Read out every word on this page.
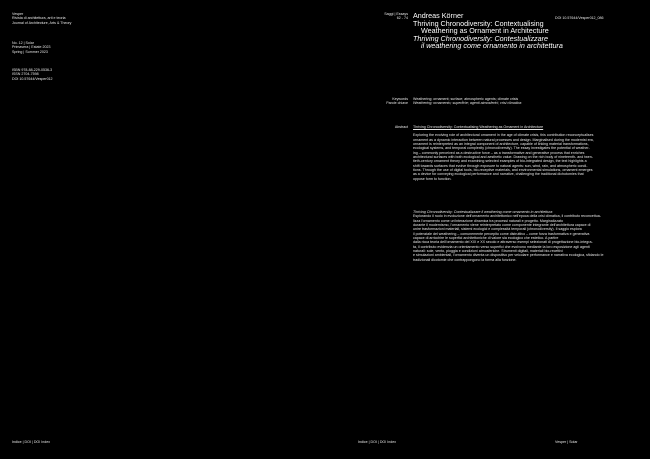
Vesper
Rivista di architettura, arti e teoria
Journal of Architecture, Arts & Theory
No. 12 | Solar
Primavera | Estate 2023
Spring | Summer 2023
ISBN 978-88-229-0536-3
ISSN 2704-7598
DOI 10.57644/Vesper012
Saggi | Essays
62 - 74 Andreas Körner
Thriving Chronodiversity: Contextualising
Weathering as Ornament in Architecture
Thriving Chronodiversity: Contestualizzare
il weathering come ornamento in architettura
DOI 10.57644/Vesper012_086
Keywords
Parole chiave
Weathering; ornament; surface; atmospheric agents; climate crisis
Weathering; ornamento; superficie; agenti atmosferici; crisi climatica
Abstract Thriving Chronodiversity: Contextualising Weathering as Ornament in Architecture
Exploring the evolving role of architectural ornament in the age of climate crisis, this contribution reconceptualises
ornament as a dynamic interaction between natural processes and design. Marginalised during the modernist era,
ornament is reinterpreted as an integral component of architecture, capable of linking material transformations,
ecological systems, and temporal complexity (chronodiversity). The essay investigates the potential of weather-
ing – commonly perceived as a destructive force – as a transformative and generative process that enriches
architectural surfaces with both ecological and aesthetic value. Drawing on the rich body of nineteenth- and twen-
tieth-century ornament theory and examining selected examples of bio-integrated design, the text highlights a
shift towards surfaces that evolve through exposure to natural agents: sun, wind, rain, and atmospheric condi-
tions. Through the use of digital tools, bio-receptive materials, and environmental simulations, ornament emerges
as a device for conveying ecological performance and narrative, challenging the traditional dichotomies that
oppose form to function.
Thriving Chronodiversity: Contestualizzare il weathering come ornamento in architettura
Esplorando il ruolo in evoluzione dell'ornamento architettonico nell'epoca della crisi climatica, il contributo reconcettua-
lizza l'ornamento come un'interazione dinamica tra processi naturali e progetto. Marginalizzato
durante il modernismo, l'ornamento viene reinterpretato come componente integrante dell'architettura capace di
unire trasformazioni materiali, sistemi ecologici e complessità temporali (chronodiversity). Il saggio esplora
il potenziale del weathering – comunemente percepito come distruttivo – come forza trasformativa e generativa
capace di arricchire le superfici architettoniche di valore sia ecologico che estetico. A partire
dalla ricca teoria dell'ornamento del XIX e XX secolo e attraverso esempi selezionati di progettazione bio-integra-
ta, il contributo evidenzia un orientamento verso superfici che evolvono mediante la loro esposizione agli agenti
naturali: sole, vento, pioggia e condizioni atmosferiche. Strumenti digitali, materiali bio-recettivi
e simulazioni ambientali, l'ornamento diventa un dispositivo per veicolare performance e narrativa ecologica, sfidando le
tradizionali dicotomie che contrappongono la forma alla funzione.
Indice | DOI | DOI Index	Indice | DOI | DOI Index	Vesper | Solar
